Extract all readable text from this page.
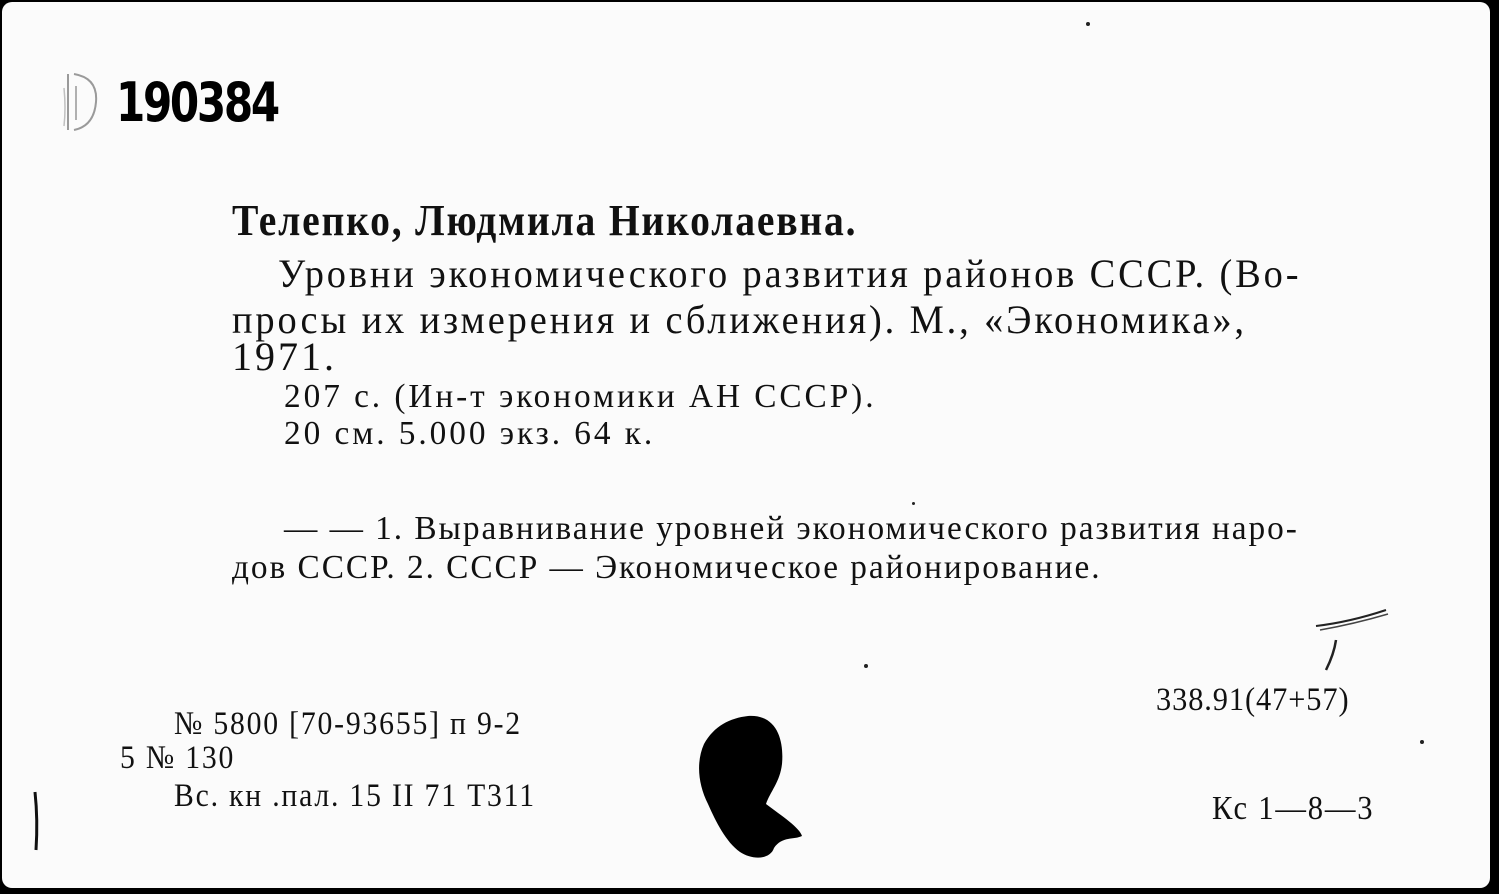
190384
Телепко, Людмила Николаевна.
Уровни экономического развития районов СССР. (Во-
просы их измерения и сближения). М., «Экономика»,
1971.
207 с. (Ин-т экономики АН СССР).
20 см. 5.000 экз. 64 к.
— — 1. Выравнивание уровней экономического развития наро-
дов СССР. 2. СССР — Экономическое районирование.
338.91(47+57)
№ 5800 [70-93655] п 9-2
5 № 130
Вс. кн .пал. 15 II 71 Т311	Кс 1—8—3
